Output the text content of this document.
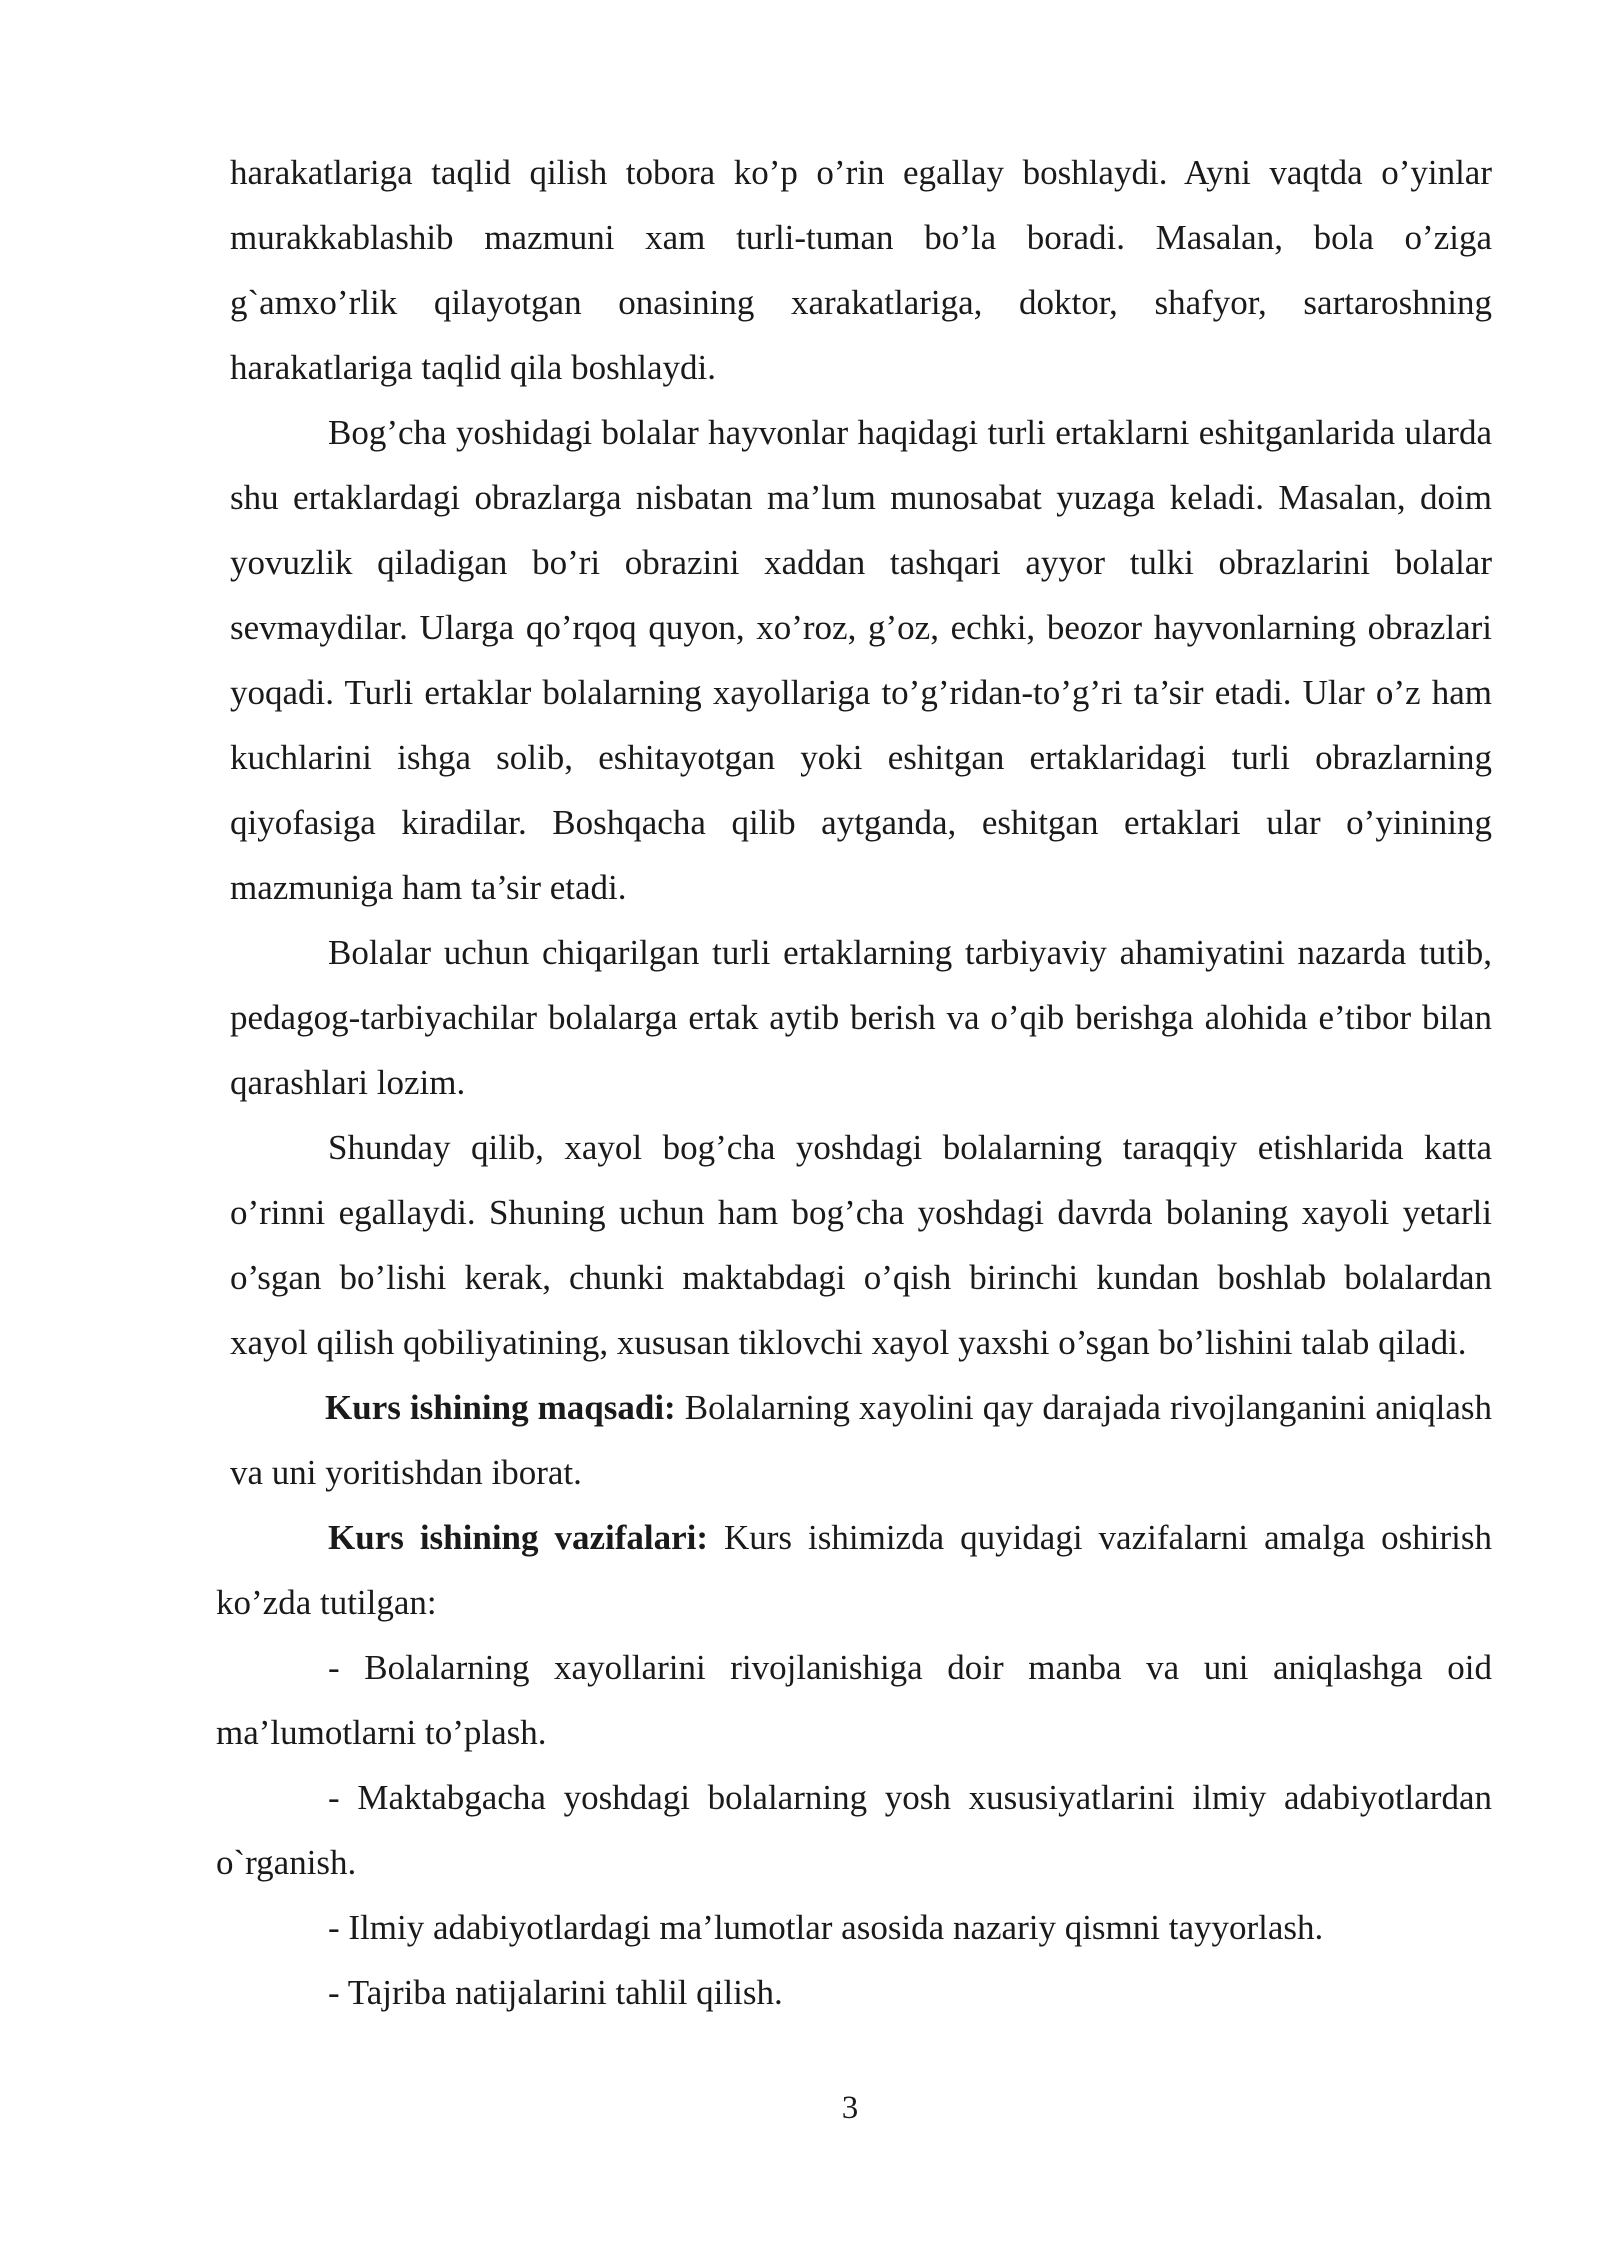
harakatlariga taqlid qilish tobora ko’p o’rin egallay boshlaydi. Ayni vaqtda o’yinlar murakkablashib mazmuni xam turli-tuman bo’la boradi. Masalan, bola o’ziga g`amxo’rlik qilayotgan onasining xarakatlariga, doktor, shafyor, sartaroshning harakatlariga taqlid qila boshlaydi.

Bog’cha yoshidagi bolalar hayvonlar haqidagi turli ertaklarni eshitganlarida ularda shu ertaklardagi obrazlarga nisbatan ma’lum munosabat yuzaga keladi. Masalan, doim yovuzlik qiladigan bo’ri obrazini xaddan tashqari ayyor tulki obrazlarini bolalar sevmaydilar. Ularga qo’rqoq quyon, xo’roz, g’oz, echki, beozor hayvonlarning obrazlari yoqadi. Turli ertaklar bolalarning xayollariga to’g’ridan-to’g’ri ta’sir etadi. Ular o’z ham kuchlarini ishga solib, eshitayotgan yoki eshitgan ertaklaridagi turli obrazlarning qiyofasiga kiradilar. Boshqacha qilib aytganda, eshitgan ertaklari ular o’yinining mazmuniga ham ta’sir etadi.

Bolalar uchun chiqarilgan turli ertaklarning tarbiyaviy ahamiyatini nazarda tutib, pedagog-tarbiyachilar bolalarga ertak aytib berish va o’qib berishga alohida e’tibor bilan qarashlari lozim.

Shunday qilib, xayol bog’cha yoshdagi bolalarning taraqqiy etishlarida katta o’rinni egallaydi. Shuning uchun ham bog’cha yoshdagi davrda bolaning xayoli yetarli o’sgan bo’lishi kerak, chunki maktabdagi o’qish birinchi kundan boshlab bolalardan xayol qilish qobiliyatining, xususan tiklovchi xayol yaxshi o’sgan bo’lishini talab qiladi.

Kurs ishining maqsadi: Bolalarning xayolini qay darajada rivojlanganini aniqlash va uni yoritishdan iborat.

Kurs ishining vazifalari: Kurs ishimizda quyidagi vazifalarni amalga oshirish ko’zda tutilgan:

- Bolalarning xayollarini rivojlanishiga doir manba va uni aniqlashga oid ma’lumotlarni to’plash.

- Maktabgacha yoshdagi bolalarning yosh xususiyatlarini ilmiy adabiyotlardan o`rganish.

- Ilmiy adabiyotlardagi ma’lumotlar asosida nazariy qismni tayyorlash.

- Tajriba natijalarini tahlil qilish.

3
